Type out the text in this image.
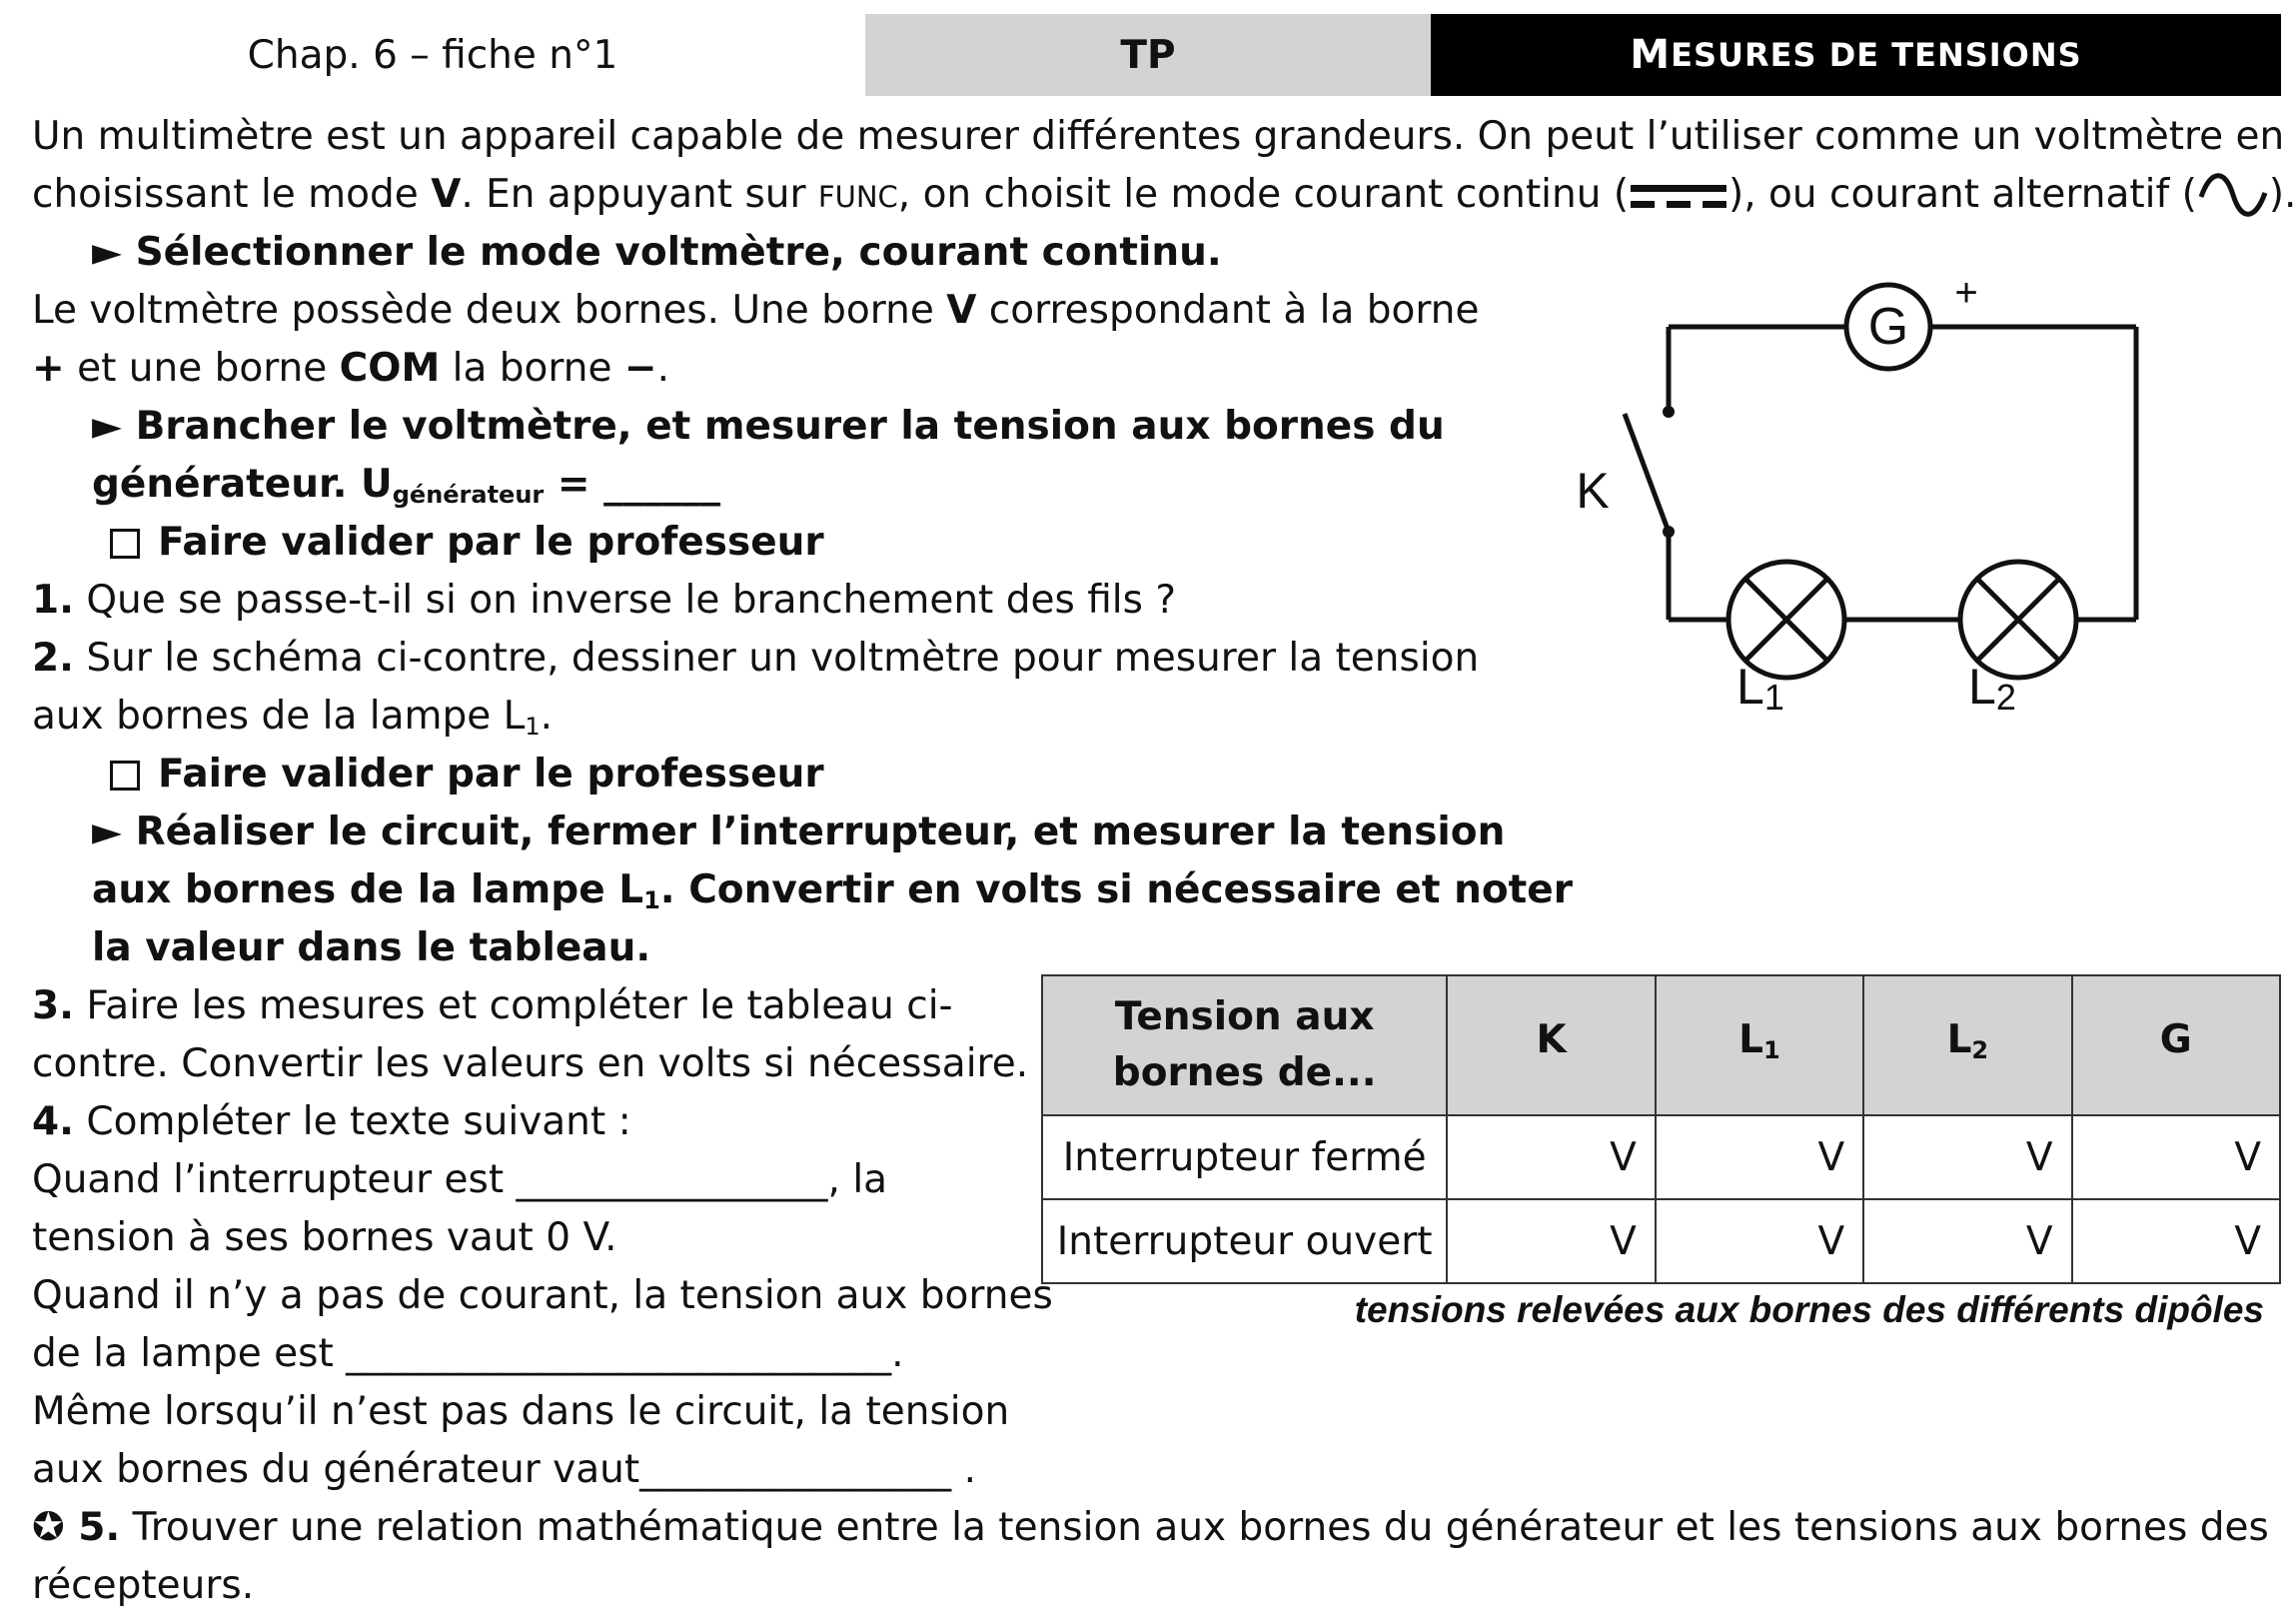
Chap. 6 – fiche n°1	TP	M ESURES DE TENSIONS
Un multimètre est un appareil capable de mesurer différentes grandeurs. On peut l’utiliser comme un voltmètre en
choisissant le mode V. En appuyant sur FUNC, on choisit le mode courant continu (	), ou courant alternatif ( ).
► Sélectionner le mode voltmètre, courant continu.
Le voltmètre possède deux bornes. Une borne V correspondant à la borne
+ et une borne COM la borne −.
► Brancher le voltmètre, et mesurer la tension aux bornes du
générateur. $U_{générateur}$ = ______
Faire valider par le professeur
1. Que se passe-t-il si on inverse le branchement des fils ?
2. Sur le schéma ci-contre, dessiner un voltmètre pour mesurer la tension
aux bornes de la lampe $L_1$.
Faire valider par le professeur
► Réaliser le circuit, fermer l’interrupteur, et mesurer la tension
aux bornes de la lampe $L_1$. Convertir en volts si nécessaire et noter
la valeur dans le tableau.
3. Faire les mesures et compléter le tableau ci-
contre. Convertir les valeurs en volts si nécessaire.
4. Compléter le texte suivant :
Quand l’interrupteur est ________________, la
tension à ses bornes vaut 0 V.
Quand il n’y a pas de courant, la tension aux bornes
de la lampe est ____________________________.
Même lorsqu’il n’est pas dans le circuit, la tension
aux bornes du générateur vaut________________ .
✪ 5. Trouver une relation mathématique entre la tension aux bornes du générateur et les tensions aux bornes des
récepteurs.
G
+
K
L1	L2
Tension aux
bornes de...	K	$L_1$	$L_2$	G
Interrupteur fermé	V	V	V	V
Interrupteur ouvert	V	V	V	V
tensions relevées aux bornes des différents dipôles
